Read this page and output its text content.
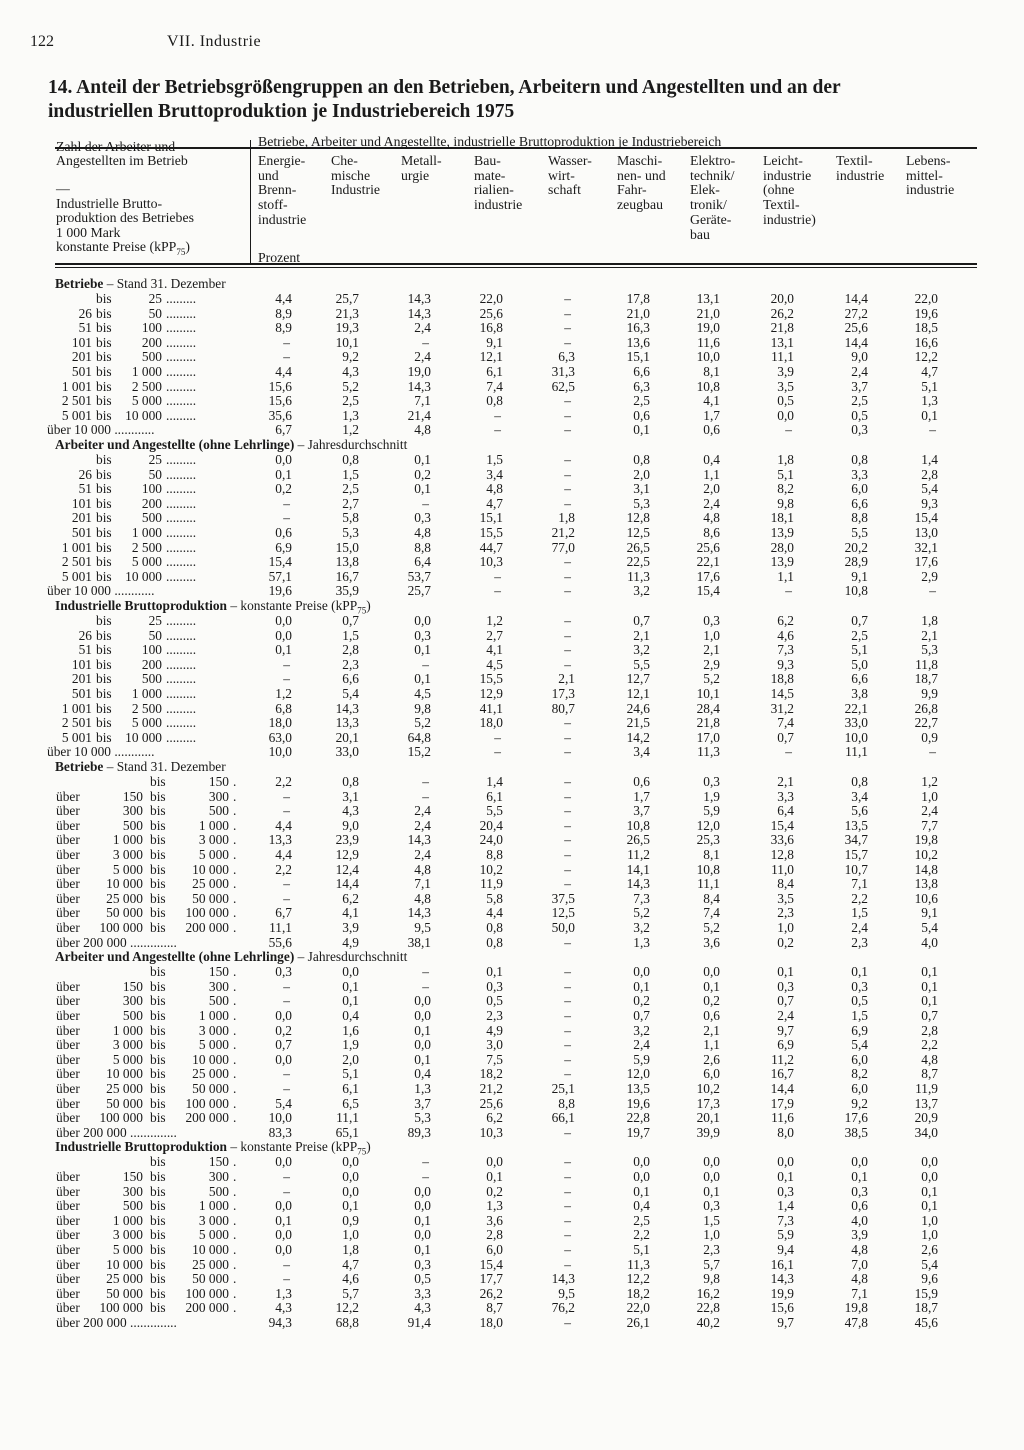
122	VII. Industrie
14. Anteil der Betriebsgrößengruppen an den Betrieben, Arbeitern und Angestellten und an der
industriellen Bruttoproduktion je Industriebereich 1975
Betriebe, Arbeiter und Angestellte, industrielle Bruttoproduktion je Industriebereich
Prozent
Zahl der Arbeiter und
Angestellten im Betrieb
—
Industrielle Brutto-
produktion des Betriebes
1 000 Mark
konstante Preise (kPP$_{75}$)
Energie-
und
Brenn-
stoff-
industrie
Che-
mische
Industrie
Metall-
urgie
Bau-
mate-
rialien-
industrie
Wasser-
wirt-
schaft
Maschi-
nen- und
Fahr-
zeugbau
Elektro-
technik/
Elek-
tronik/
Geräte-
bau
Leicht-
industrie
(ohne
Textil-
industrie)
Textil-
industrie
Lebens-
mittel-
industrie
Betriebe – Stand 31. Dezember
bis	25 .........	4,4	25,7	14,3	22,0	–	17,8	13,1	20,0	14,4	22,0
26 bis	50 .........	8,9	21,3	14,3	25,6	–	21,0	21,0	26,2	27,2	19,6
51 bis	100 .........	8,9	19,3	2,4	16,8	–	16,3	19,0	21,8	25,6	18,5
101 bis	200 .........	–	10,1	–	9,1	–	13,6	11,6	13,1	14,4	16,6
201 bis	500 .........	–	9,2	2,4	12,1	6,3	15,1	10,0	11,1	9,0	12,2
501 bis	1 000 .........	4,4	4,3	19,0	6,1	31,3	6,6	8,1	3,9	2,4	4,7
1 001 bis	2 500 .........	15,6	5,2	14,3	7,4	62,5	6,3	10,8	3,5	3,7	5,1
2 501 bis	5 000 .........	15,6	2,5	7,1	0,8	–	2,5	4,1	0,5	2,5	1,3
5 001 bis	10 000 .........	35,6	1,3	21,4	–	–	0,6	1,7	0,0	0,5	0,1
über 10 000 ............	6,7	1,2	4,8	–	–	0,1	0,6	–	0,3	–
Arbeiter und Angestellte (ohne Lehrlinge) – Jahresdurchschnitt
bis	25 .........	0,0	0,8	0,1	1,5	–	0,8	0,4	1,8	0,8	1,4
26 bis	50 .........	0,1	1,5	0,2	3,4	–	2,0	1,1	5,1	3,3	2,8
51 bis	100 .........	0,2	2,5	0,1	4,8	–	3,1	2,0	8,2	6,0	5,4
101 bis	200 .........	–	2,7	–	4,7	–	5,3	2,4	9,8	6,6	9,3
201 bis	500 .........	–	5,8	0,3	15,1	1,8	12,8	4,8	18,1	8,8	15,4
501 bis	1 000 .........	0,6	5,3	4,8	15,5	21,2	12,5	8,6	13,9	5,5	13,0
1 001 bis	2 500 .........	6,9	15,0	8,8	44,7	77,0	26,5	25,6	28,0	20,2	32,1
2 501 bis	5 000 .........	15,4	13,8	6,4	10,3	–	22,5	22,1	13,9	28,9	17,6
5 001 bis	10 000 .........	57,1	16,7	53,7	–	–	11,3	17,6	1,1	9,1	2,9
über 10 000 ............	19,6	35,9	25,7	–	–	3,2	15,4	–	10,8	–
Industrielle Bruttoproduktion – konstante Preise (kPP$_{75}$)
bis	25 .........	0,0	0,7	0,0	1,2	–	0,7	0,3	6,2	0,7	1,8
26 bis	50 .........	0,0	1,5	0,3	2,7	–	2,1	1,0	4,6	2,5	2,1
51 bis	100 .........	0,1	2,8	0,1	4,1	–	3,2	2,1	7,3	5,1	5,3
101 bis	200 .........	–	2,3	–	4,5	–	5,5	2,9	9,3	5,0	11,8
201 bis	500 .........	–	6,6	0,1	15,5	2,1	12,7	5,2	18,8	6,6	18,7
501 bis	1 000 .........	1,2	5,4	4,5	12,9	17,3	12,1	10,1	14,5	3,8	9,9
1 001 bis	2 500 .........	6,8	14,3	9,8	41,1	80,7	24,6	28,4	31,2	22,1	26,8
2 501 bis	5 000 .........	18,0	13,3	5,2	18,0	–	21,5	21,8	7,4	33,0	22,7
5 001 bis	10 000 .........	63,0	20,1	64,8	–	–	14,2	17,0	0,7	10,0	0,9
über 10 000 ............	10,0	33,0	15,2	–	–	3,4	11,3	–	11,1	–
Betriebe – Stand 31. Dezember
bis	150 .	2,2	0,8	–	1,4	–	0,6	0,3	2,1	0,8	1,2
über	150 bis	300 .	–	3,1	–	6,1	–	1,7	1,9	3,3	3,4	1,0
über	300 bis	500 .	–	4,3	2,4	5,5	–	3,7	5,9	6,4	5,6	2,4
über	500 bis	1 000 .	4,4	9,0	2,4	20,4	–	10,8	12,0	15,4	13,5	7,7
über	1 000 bis	3 000 .	13,3	23,9	14,3	24,0	–	26,5	25,3	33,6	34,7	19,8
über	3 000 bis	5 000 .	4,4	12,9	2,4	8,8	–	11,2	8,1	12,8	15,7	10,2
über	5 000 bis	10 000 .	2,2	12,4	4,8	10,2	–	14,1	10,8	11,0	10,7	14,8
über	10 000 bis	25 000 .	–	14,4	7,1	11,9	–	14,3	11,1	8,4	7,1	13,8
über	25 000 bis	50 000 .	–	6,2	4,8	5,8	37,5	7,3	8,4	3,5	2,2	10,6
über	50 000 bis	100 000 .	6,7	4,1	14,3	4,4	12,5	5,2	7,4	2,3	1,5	9,1
über	100 000 bis	200 000 .	11,1	3,9	9,5	0,8	50,0	3,2	5,2	1,0	2,4	5,4
über 200 000 ..............	55,6	4,9	38,1	0,8	–	1,3	3,6	0,2	2,3	4,0
Arbeiter und Angestellte (ohne Lehrlinge) – Jahresdurchschnitt
bis	150 .	0,3	0,0	–	0,1	–	0,0	0,0	0,1	0,1	0,1
über	150 bis	300 .	–	0,1	–	0,3	–	0,1	0,1	0,3	0,3	0,1
über	300 bis	500 .	–	0,1	0,0	0,5	–	0,2	0,2	0,7	0,5	0,1
über	500 bis	1 000 .	0,0	0,4	0,0	2,3	–	0,7	0,6	2,4	1,5	0,7
über	1 000 bis	3 000 .	0,2	1,6	0,1	4,9	–	3,2	2,1	9,7	6,9	2,8
über	3 000 bis	5 000 .	0,7	1,9	0,0	3,0	–	2,4	1,1	6,9	5,4	2,2
über	5 000 bis	10 000 .	0,0	2,0	0,1	7,5	–	5,9	2,6	11,2	6,0	4,8
über	10 000 bis	25 000 .	–	5,1	0,4	18,2	–	12,0	6,0	16,7	8,2	8,7
über	25 000 bis	50 000 .	–	6,1	1,3	21,2	25,1	13,5	10,2	14,4	6,0	11,9
über	50 000 bis	100 000 .	5,4	6,5	3,7	25,6	8,8	19,6	17,3	17,9	9,2	13,7
über	100 000 bis	200 000 .	10,0	11,1	5,3	6,2	66,1	22,8	20,1	11,6	17,6	20,9
über 200 000 ..............	83,3	65,1	89,3	10,3	–	19,7	39,9	8,0	38,5	34,0
Industrielle Bruttoproduktion – konstante Preise (kPP$_{75}$)
bis	150 .	0,0	0,0	–	0,0	–	0,0	0,0	0,0	0,0	0,0
über	150 bis	300 .	–	0,0	–	0,1	–	0,0	0,0	0,1	0,1	0,0
über	300 bis	500 .	–	0,0	0,0	0,2	–	0,1	0,1	0,3	0,3	0,1
über	500 bis	1 000 .	0,0	0,1	0,0	1,3	–	0,4	0,3	1,4	0,6	0,1
über	1 000 bis	3 000 .	0,1	0,9	0,1	3,6	–	2,5	1,5	7,3	4,0	1,0
über	3 000 bis	5 000 .	0,0	1,0	0,0	2,8	–	2,2	1,0	5,9	3,9	1,0
über	5 000 bis	10 000 .	0,0	1,8	0,1	6,0	–	5,1	2,3	9,4	4,8	2,6
über	10 000 bis	25 000 .	–	4,7	0,3	15,4	–	11,3	5,7	16,1	7,0	5,4
über	25 000 bis	50 000 .	–	4,6	0,5	17,7	14,3	12,2	9,8	14,3	4,8	9,6
über	50 000 bis	100 000 .	1,3	5,7	3,3	26,2	9,5	18,2	16,2	19,9	7,1	15,9
über	100 000 bis	200 000 .	4,3	12,2	4,3	8,7	76,2	22,0	22,8	15,6	19,8	18,7
über 200 000 ..............	94,3	68,8	91,4	18,0	–	26,1	40,2	9,7	47,8	45,6
